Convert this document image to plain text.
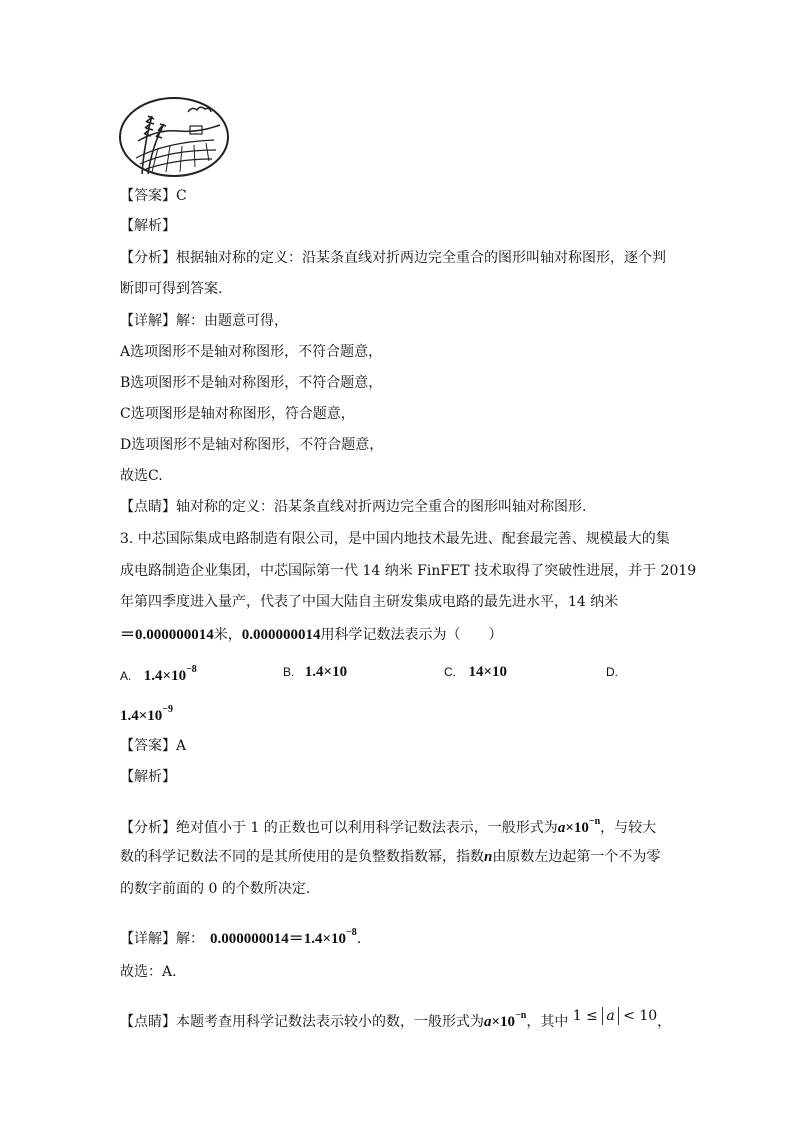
【答案】C
【解析】
【分析】根据轴对称的定义：沿某条直线对折两边完全重合的图形叫轴对称图形，逐个判
断即可得到答案.
【详解】解：由题意可得，
A选项图形不是轴对称图形，不符合题意，
B选项图形不是轴对称图形，不符合题意，
C选项图形是轴对称图形，符合题意，
D选项图形不是轴对称图形，不符合题意，
故选C.
【点睛】轴对称的定义：沿某条直线对折两边完全重合的图形叫轴对称图形.
3. 中芯国际集成电路制造有限公司，是中国内地技术最先进、配套最完善、规模最大的集
成电路制造企业集团，中芯国际第一代 14 纳米 FinFET 技术取得了突破性进展，并于 2019
年第四季度进入量产，代表了中国大陆自主研发集成电路的最先进水平，14 纳米
＝0.000000014米，0.000000014用科学记数法表示为（　　）
A. $1.4\times 10^{-8}$	B. 1.4×10	C. 14×10	D.
$1.4\times 10^{-9}$
【答案】A
【解析】
【分析】绝对值小于 1 的正数也可以利用科学记数法表示，一般形式为$a\times 10^{-n}$，与较大
数的科学记数法不同的是其所使用的是负整数指数幂，指数n由原数左边起第一个不为零
的数字前面的 0 的个数所决定．
【详解】解： $0.000000014=1.4\times 10^{-8}$.
故选：A．
【点睛】本题考查用科学记数法表示较小的数，一般形式为$a\times 10^{-n}$，其中 1 ≤ a < 10，
